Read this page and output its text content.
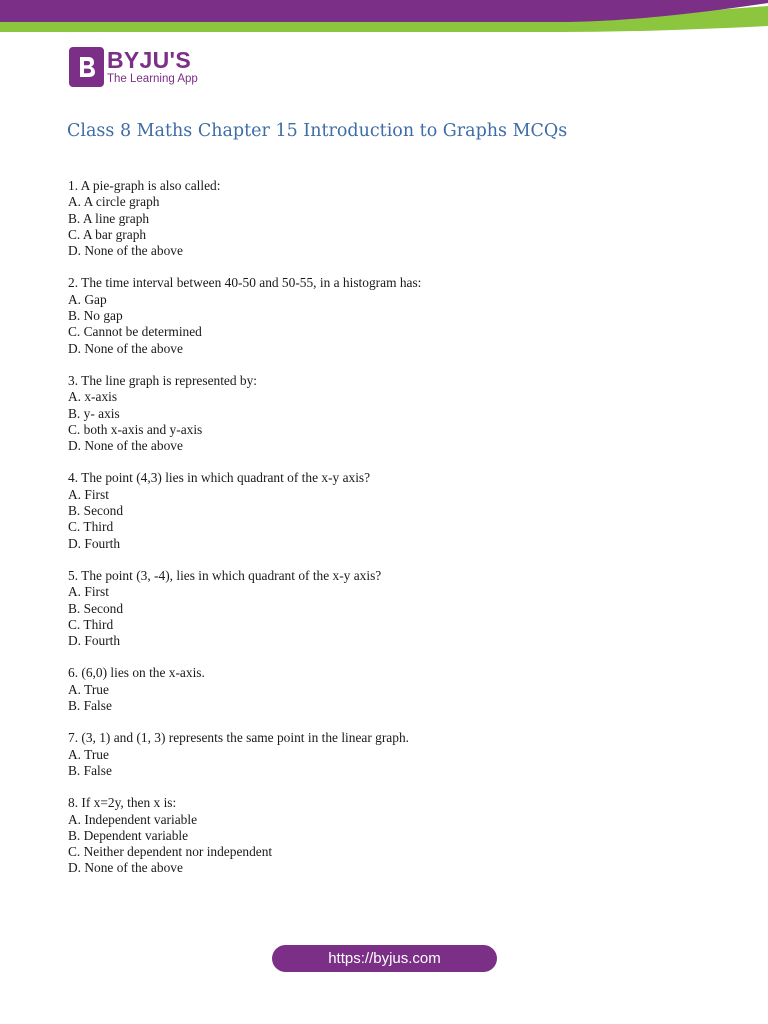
BYJU'S
The Learning App
Class 8 Maths Chapter 15 Introduction to Graphs MCQs
1. A pie-graph is also called:
A. A circle graph
B. A line graph
C. A bar graph
D. None of the above
2. The time interval between 40-50 and 50-55, in a histogram has:
A. Gap
B. No gap
C. Cannot be determined
D. None of the above
3. The line graph is represented by:
A. x-axis
B. y- axis
C. both x-axis and y-axis
D. None of the above
4. The point (4,3) lies in which quadrant of the x-y axis?
A. First
B. Second
C. Third
D. Fourth
5. The point (3, -4), lies in which quadrant of the x-y axis?
A. First
B. Second
C. Third
D. Fourth
6. (6,0) lies on the x-axis.
A. True
B. False
7. (3, 1) and (1, 3) represents the same point in the linear graph.
A. True
B. False
8. If x=2y, then x is:
A. Independent variable
B. Dependent variable
C. Neither dependent nor independent
D. None of the above
https://byjus.com
